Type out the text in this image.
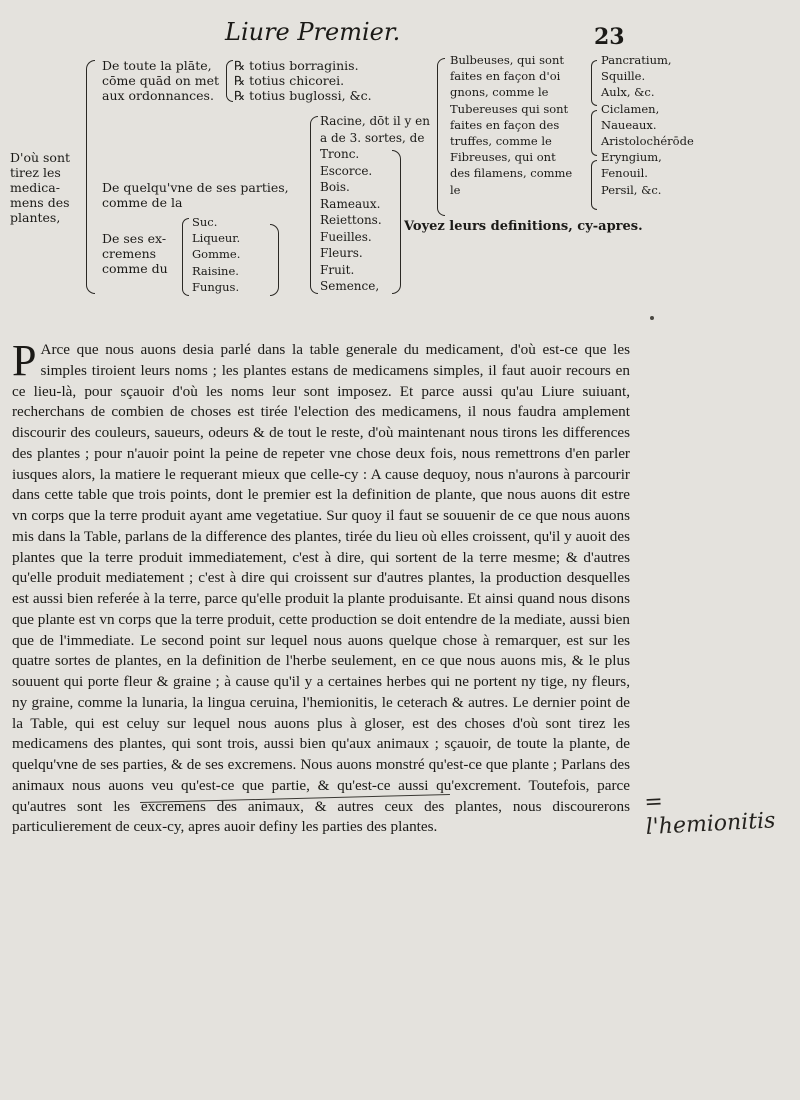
Liure Premier.	23
D'où sont
tirez les
medica-
mens des
plantes,
De toute la plāte,
cōme quād on met
aux ordonnances.
℞ totius borraginis.
℞ totius chicorei.
℞ totius buglossi, &c.
De quelqu'vne de ses parties,
comme de la
Racine, dōt il y en
a de 3. sortes, de
Tronc.
Escorce.
Bois.
Rameaux.
Reiettons.
Fueilles.
Fleurs.
Fruit.
Semence,
De ses ex-
cremens
comme du
Suc.
Liqueur.
Gomme.
Raisine.
Fungus.
Bulbeuses, qui sont
faites en façon d'oi
gnons, comme le
Tubereuses qui sont
faites en façon des
truffes, comme le
Fibreuses, qui ont
des filamens, comme
le
Pancratium,
Squille.
Aulx, &c.
Ciclamen,
Naueaux.
Aristolochérōde
Eryngium,
Fenouil.
Persil, &c.
Voyez leurs definitions, cy-apres.
P Arce que nous auons desia parlé dans la table generale du medicament, d'où est-ce que les simples tiroient leurs noms ; les plantes estans de medicamens simples, il faut auoir recours en ce lieu-là, pour sçauoir d'où les noms leur sont imposez. Et parce aussi qu'au Liure suiuant, recherchans de combien de choses est tirée l'election des medicamens, il nous faudra amplement discourir des couleurs, saueurs, odeurs & de tout le reste, d'où maintenant nous tirons les differences des plantes ; pour n'auoir point la peine de repeter vne chose deux fois, nous remettrons d'en parler iusques alors, la matiere le requerant mieux que celle-cy : A cause dequoy, nous n'aurons à parcourir dans cette table que trois points, dont le premier est la definition de plante, que nous auons dit estre vn corps que la terre produit ayant ame vegetatiue. Sur quoy il faut se souuenir de ce que nous auons mis dans la Table, parlans de la difference des plantes, tirée du lieu où elles croissent, qu'il y auoit des plantes que la terre produit immediatement, c'est à dire, qui sortent de la terre mesme; & d'autres qu'elle produit mediatement ; c'est à dire qui croissent sur d'autres plantes, la production desquelles est aussi bien referée à la terre, parce qu'elle produit la plante produisante. Et ainsi quand nous disons que plante est vn corps que la terre produit, cette production se doit entendre de la mediate, aussi bien que de l'immediate. Le second point sur lequel nous auons quelque chose à remarquer, est sur les quatre sortes de plantes, en la definition de l'herbe seulement, en ce que nous auons mis, & le plus souuent qui porte fleur & graine ; à cause qu'il y a certaines herbes qui ne portent ny tige, ny fleurs, ny graine, comme la lunaria, la lingua ceruina, l'hemionitis, le ceterach & autres. Le dernier point de la Table, qui est celuy sur lequel nous auons plus à gloser, est des choses d'où sont tirez les medicamens des plantes, qui sont trois, aussi bien qu'aux animaux ; sçauoir, de toute la plante, de quelqu'vne de ses parties, & de ses excremens. Nous auons monstré qu'est-ce que plante ; Parlans des animaux nous auons veu qu'est-ce que partie, & qu'est-ce aussi qu'excrement. Toutefois, parce qu'autres sont les excremens des animaux, & autres ceux des plantes, nous discourerons particulierement de ceux-cy, apres auoir definy les parties des plantes.

= l'hemionitis
